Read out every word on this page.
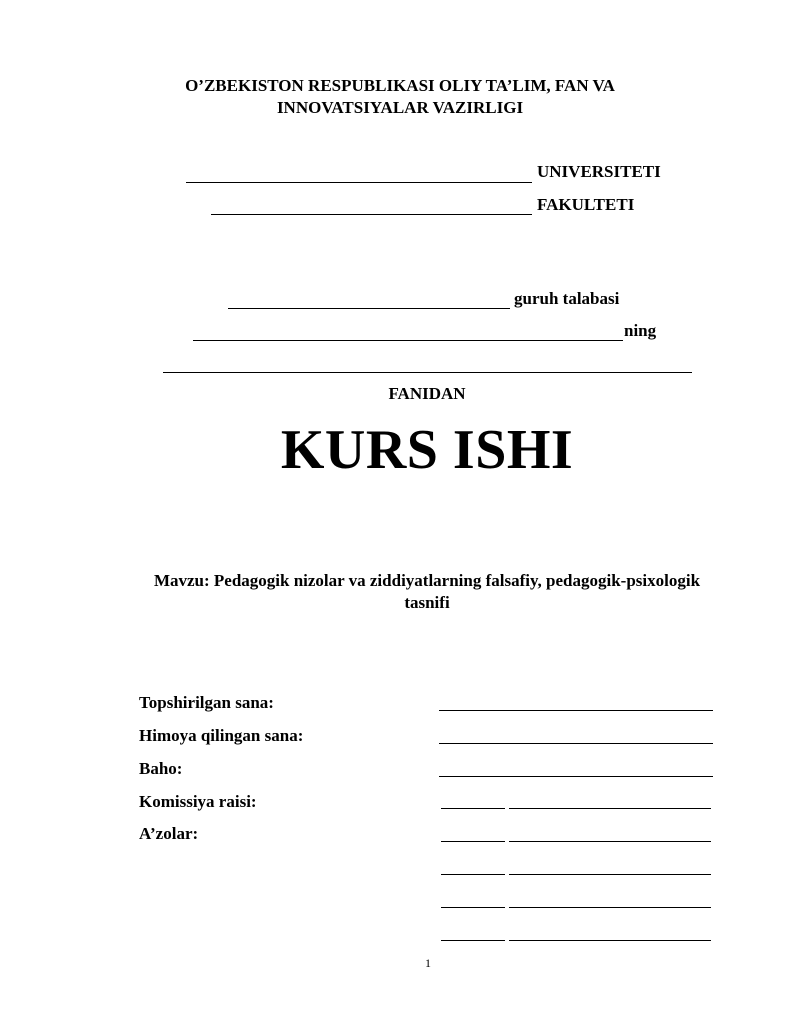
O’ZBEKISTON RESPUBLIKASI OLIY TA’LIM, FAN VA
INNOVATSIYALAR VAZIRLIGI
UNIVERSITETI
FAKULTETI
guruh talabasi
ning
FANIDAN
KURS ISHI
Mavzu: Pedagogik nizolar va ziddiyatlarning falsafiy, pedagogik-psixologik
tasnifi
Topshirilgan sana:
Himoya qilingan sana:
Baho:
Komissiya raisi:
A’zolar:
1
